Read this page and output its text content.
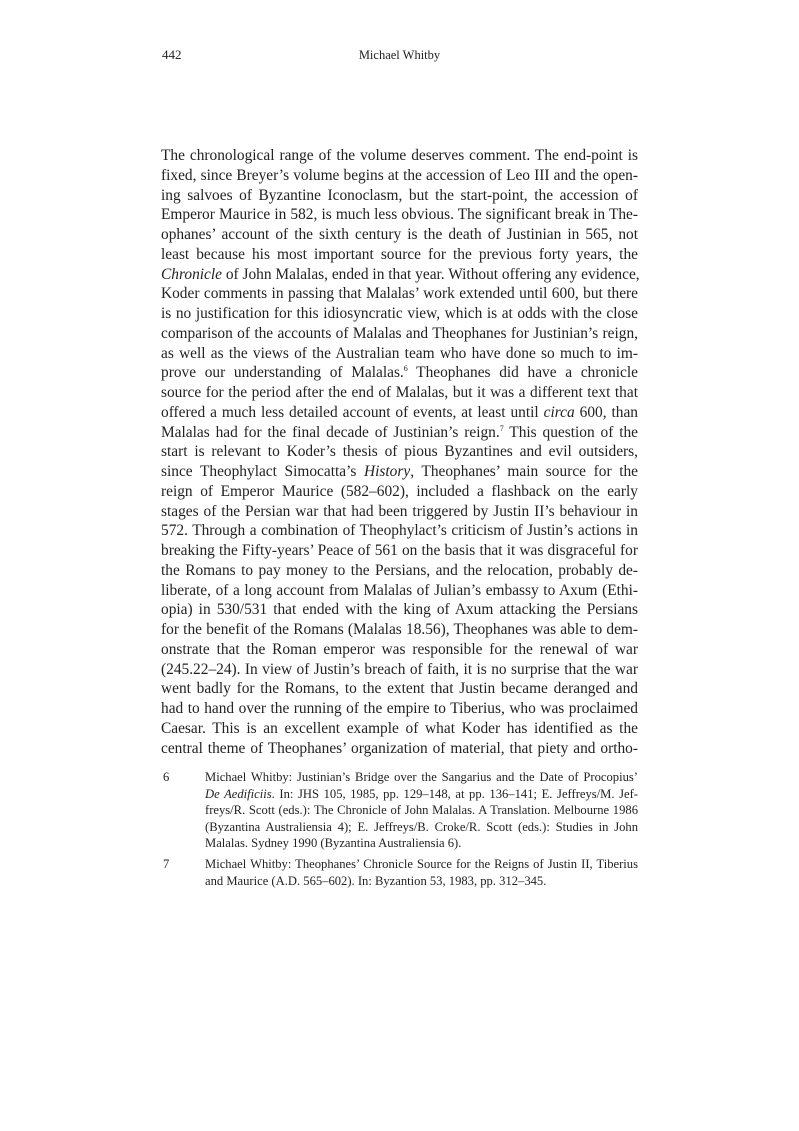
442	Michael Whitby
The chronological range of the volume deserves comment. The end-point is
fixed, since Breyer’s volume begins at the accession of Leo III and the open-
ing salvoes of Byzantine Iconoclasm, but the start-point, the accession of
Emperor Maurice in 582, is much less obvious. The significant break in The-
ophanes’ account of the sixth century is the death of Justinian in 565, not
least because his most important source for the previous forty years, the
Chronicle of John Malalas, ended in that year. Without offering any evidence,
Koder comments in passing that Malalas’ work extended until 600, but there
is no justification for this idiosyncratic view, which is at odds with the close
comparison of the accounts of Malalas and Theophanes for Justinian’s reign,
as well as the views of the Australian team who have done so much to im-
prove our understanding of Malalas.$^6$ Theophanes did have a chronicle
source for the period after the end of Malalas, but it was a different text that
offered a much less detailed account of events, at least until circa 600, than
Malalas had for the final decade of Justinian’s reign.$^7$ This question of the
start is relevant to Koder’s thesis of pious Byzantines and evil outsiders,
since Theophylact Simocatta’s History, Theophanes’ main source for the
reign of Emperor Maurice (582–602), included a flashback on the early
stages of the Persian war that had been triggered by Justin II’s behaviour in
572. Through a combination of Theophylact’s criticism of Justin’s actions in
breaking the Fifty-years’ Peace of 561 on the basis that it was disgraceful for
the Romans to pay money to the Persians, and the relocation, probably de-
liberate, of a long account from Malalas of Julian’s embassy to Axum (Ethi-
opia) in 530/531 that ended with the king of Axum attacking the Persians
for the benefit of the Romans (Malalas 18.56), Theophanes was able to dem-
onstrate that the Roman emperor was responsible for the renewal of war
(245.22–24). In view of Justin’s breach of faith, it is no surprise that the war
went badly for the Romans, to the extent that Justin became deranged and
had to hand over the running of the empire to Tiberius, who was proclaimed
Caesar. This is an excellent example of what Koder has identified as the
central theme of Theophanes’ organization of material, that piety and ortho-
6	Michael Whitby: Justinian’s Bridge over the Sangarius and the Date of Procopius’
De Aedificiis. In: JHS 105, 1985, pp. 129–148, at pp. 136–141; E. Jeffreys/M. Jef-
freys/R. Scott (eds.): The Chronicle of John Malalas. A Translation. Melbourne 1986
(Byzantina Australiensia 4); E. Jeffreys/B. Croke/R. Scott (eds.): Studies in John
Malalas. Sydney 1990 (Byzantina Australiensia 6).
7	Michael Whitby: Theophanes’ Chronicle Source for the Reigns of Justin II, Tiberius
and Maurice (A.D. 565–602). In: Byzantion 53, 1983, pp. 312–345.
